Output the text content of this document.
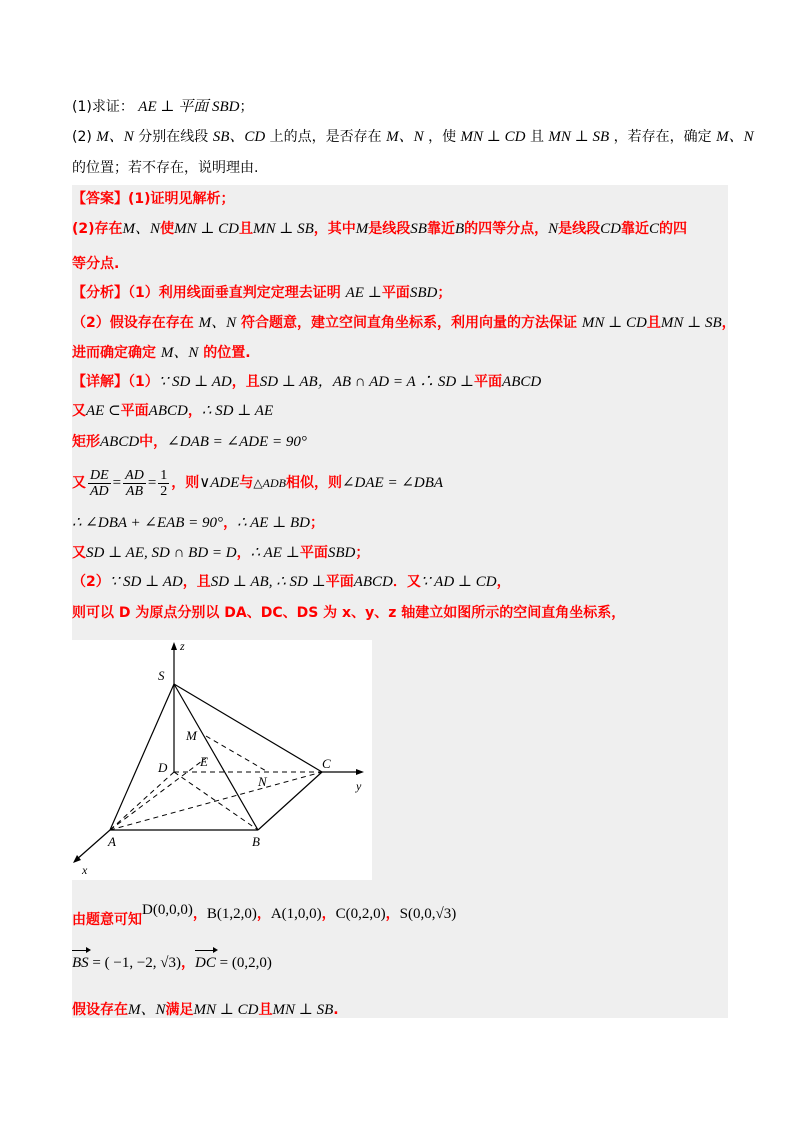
(1)求证： AE ⊥ 平面 SBD；
(2) M、N 分别在线段 SB、CD 上的点，是否存在 M、N ，使 MN ⊥ CD 且 MN ⊥ SB ，若存在，确定 M、N
的位置；若不存在，说明理由.
【答案】(1)证明见解析；
(2)存在M、N使MN ⊥ CD且MN ⊥ SB，其中M是线段SB靠近B的四等分点，N是线段CD靠近C的四
等分点.
【分析】（1）利用线面垂直判定定理去证明 AE ⊥平面SBD；
（2）假设存在存在 M、N 符合题意，建立空间直角坐标系，利用向量的方法保证 MN ⊥ CD且MN ⊥ SB，
进而确定确定 M、N 的位置.
【详解】（1）∵ SD ⊥ AD，且SD ⊥ AB，AB ∩ AD = A ∴ SD ⊥平面ABCD
又AE ⊂平面ABCD，∴ SD ⊥ AE
矩形ABCD中，∠DAB = ∠ADE = 90°
又 $\frac{DE}{AD} = \frac{AD}{AB} = \frac{1}{2}$ ，则∨ADE与△ADB相似，则∠DAE = ∠DBA
∴ ∠DBA + ∠EAB = 90°，∴ AE ⊥ BD；
又SD ⊥ AE, SD ∩ BD = D，∴ AE ⊥平面SBD；
（2）∵ SD ⊥ AD，且SD ⊥ AB, ∴ SD ⊥平面ABCD．又∵ AD ⊥ CD，
则可以 D 为原点分别以 DA、DC、DS 为 x、y、z 轴建立如图所示的空间直角坐标系，
z
y
x
S
M
D	E
N
C
A	B
由题意可知D(0,0,0)，B(1,2,0)，A(1,0,0)，C(0,2,0)，S(0,0,√3)
BS = ( −1, −2, √3)，DC = (0,2,0)
假设存在M、N满足MN ⊥ CD且MN ⊥ SB.
